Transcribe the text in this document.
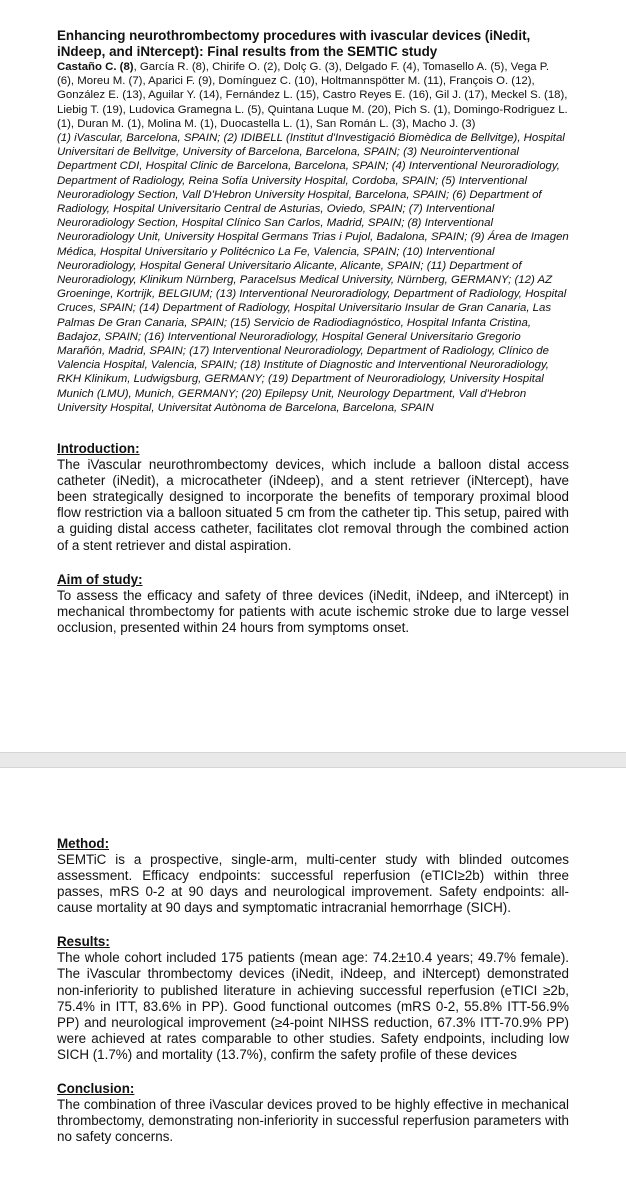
Enhancing neurothrombectomy procedures with ivascular devices (iNedit, iNdeep, and iNtercept): Final results from the SEMTIC study

Castaño C. (8), García R. (8), Chirife O. (2), Dolç G. (3), Delgado F. (4), Tomasello A. (5), Vega P. (6), Moreu M. (7), Aparici F. (9), Domínguez C. (10), Holtmannspötter M. (11), François O. (12), González E. (13), Aguilar Y. (14), Fernández L. (15), Castro Reyes E. (16), Gil J. (17), Meckel S. (18), Liebig T. (19), Ludovica Gramegna L. (5), Quintana Luque M. (20), Pich S. (1), Domingo-Rodriguez L. (1), Duran M. (1), Molina M. (1), Duocastella L. (1), San Román L. (3), Macho J. (3)

(1) iVascular, Barcelona, SPAIN; (2) IDIBELL (Institut d'Investigació Biomèdica de Bellvitge), Hospital Universitari de Bellvitge, University of Barcelona, Barcelona, SPAIN; (3) Neurointerventional Department CDI, Hospital Clinic de Barcelona, Barcelona, SPAIN; (4) Interventional Neuroradiology, Department of Radiology, Reina Sofía University Hospital, Cordoba, SPAIN; (5) Interventional Neuroradiology Section, Vall D'Hebron University Hospital, Barcelona, SPAIN; (6) Department of Radiology, Hospital Universitario Central de Asturias, Oviedo, SPAIN; (7) Interventional Neuroradiology Section, Hospital Clínico San Carlos, Madrid, SPAIN; (8) Interventional Neuroradiology Unit, University Hospital Germans Trias i Pujol, Badalona, SPAIN; (9) Área de Imagen Médica, Hospital Universitario y Politécnico La Fe, Valencia, SPAIN; (10) Interventional Neuroradiology, Hospital General Universitario Alicante, Alicante, SPAIN; (11) Department of Neuroradiology, Klinikum Nürnberg, Paracelsus Medical University, Nürnberg, GERMANY; (12) AZ Groeninge, Kortrijk, BELGIUM; (13) Interventional Neuroradiology, Department of Radiology, Hospital Cruces, SPAIN; (14) Department of Radiology, Hospital Universitario Insular de Gran Canaria, Las Palmas De Gran Canaria, SPAIN; (15) Servicio de Radiodiagnóstico, Hospital Infanta Cristina, Badajoz, SPAIN; (16) Interventional Neuroradiology, Hospital General Universitario Gregorio Marañón, Madrid, SPAIN; (17) Interventional Neuroradiology, Department of Radiology, Clínico de Valencia Hospital, Valencia, SPAIN; (18) Institute of Diagnostic and Interventional Neuroradiology, RKH Klinikum, Ludwigsburg, GERMANY; (19) Department of Neuroradiology, University Hospital Munich (LMU), Munich, GERMANY; (20) Epilepsy Unit, Neurology Department, Vall d'Hebron University Hospital, Universitat Autònoma de Barcelona, Barcelona, SPAIN

Introduction:

The iVascular neurothrombectomy devices, which include a balloon distal access catheter (iNedit), a microcatheter (iNdeep), and a stent retriever (iNtercept), have been strategically designed to incorporate the benefits of temporary proximal blood flow restriction via a balloon situated 5 cm from the catheter tip. This setup, paired with a guiding distal access catheter, facilitates clot removal through the combined action of a stent retriever and distal aspiration.

Aim of study:

To assess the efficacy and safety of three devices (iNedit, iNdeep, and iNtercept) in mechanical thrombectomy for patients with acute ischemic stroke due to large vessel occlusion, presented within 24 hours from symptoms onset.

Method:

SEMTiC is a prospective, single-arm, multi-center study with blinded outcomes assessment. Efficacy endpoints: successful reperfusion (eTICI≥2b) within three passes, mRS 0-2 at 90 days and neurological improvement. Safety endpoints: all-cause mortality at 90 days and symptomatic intracranial hemorrhage (SICH).

Results:

The whole cohort included 175 patients (mean age: 74.2±10.4 years; 49.7% female). The iVascular thrombectomy devices (iNedit, iNdeep, and iNtercept) demonstrated non-inferiority to published literature in achieving successful reperfusion (eTICI ≥2b, 75.4% in ITT, 83.6% in PP). Good functional outcomes (mRS 0-2, 55.8% ITT-56.9% PP) and neurological improvement (≥4-point NIHSS reduction, 67.3% ITT-70.9% PP) were achieved at rates comparable to other studies. Safety endpoints, including low SICH (1.7%) and mortality (13.7%), confirm the safety profile of these devices

Conclusion:

The combination of three iVascular devices proved to be highly effective in mechanical thrombectomy, demonstrating non-inferiority in successful reperfusion parameters with no safety concerns.
